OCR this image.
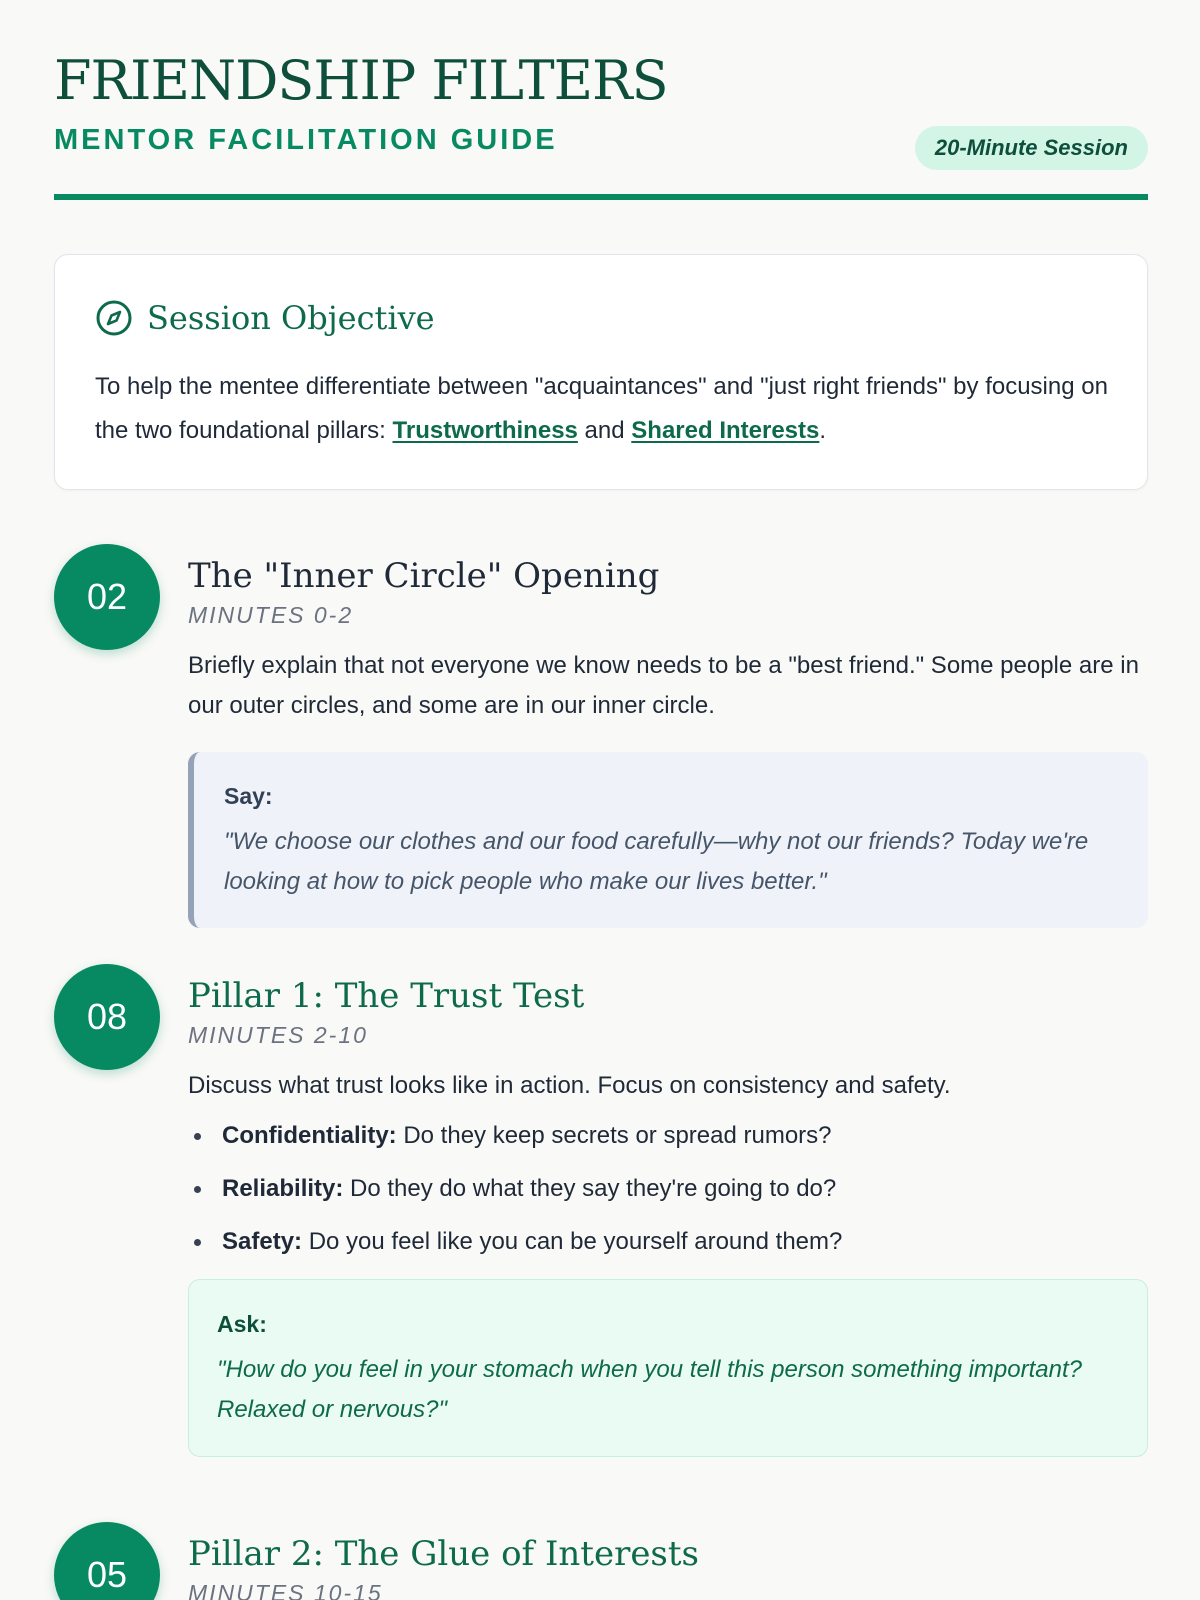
FRIENDSHIP FILTERS
MENTOR FACILITATION GUIDE	20-Minute Session
Session Objective
To help the mentee differentiate between "acquaintances" and "just right friends" by focusing on the two foundational pillars: Trustworthiness and Shared Interests.
02	The "Inner Circle" Opening
MINUTES 0-2
Briefly explain that not everyone we know needs to be a "best friend." Some people are in our outer circles, and some are in our inner circle.
Say:
"We choose our clothes and our food carefully—why not our friends? Today we're looking at how to pick people who make our lives better."
08	Pillar 1: The Trust Test
MINUTES 2-10
Discuss what trust looks like in action. Focus on consistency and safety.
Confidentiality: Do they keep secrets or spread rumors?
Reliability: Do they do what they say they're going to do?
Safety: Do you feel like you can be yourself around them?
Ask:
"How do you feel in your stomach when you tell this person something important? Relaxed or nervous?"
05	Pillar 2: The Glue of Interests
MINUTES 10-15
